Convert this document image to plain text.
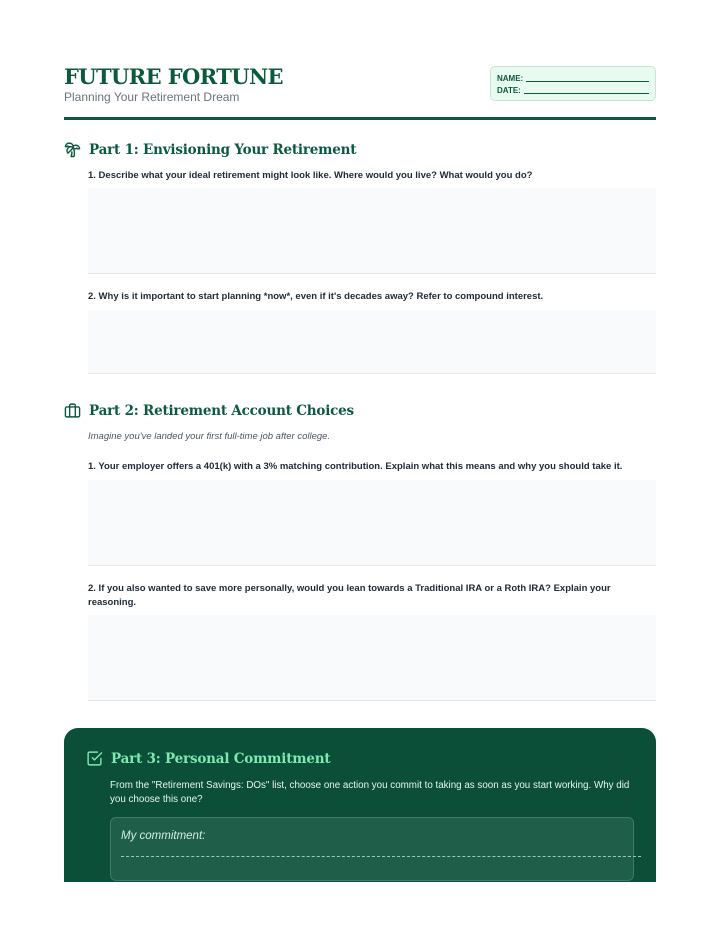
FUTURE FORTUNE
Planning Your Retirement Dream
NAME:
DATE:
Part 1: Envisioning Your Retirement
1. Describe what your ideal retirement might look like. Where would you live? What would you do?
2. Why is it important to start planning *now*, even if it's decades away? Refer to compound interest.
Part 2: Retirement Account Choices
Imagine you've landed your first full-time job after college.
1. Your employer offers a 401(k) with a 3% matching contribution. Explain what this means and why you should take it.
2. If you also wanted to save more personally, would you lean towards a Traditional IRA or a Roth IRA? Explain your reasoning.
Part 3: Personal Commitment
From the "Retirement Savings: DOs" list, choose one action you commit to taking as soon as you start working. Why did you choose this one?
My commitment:
